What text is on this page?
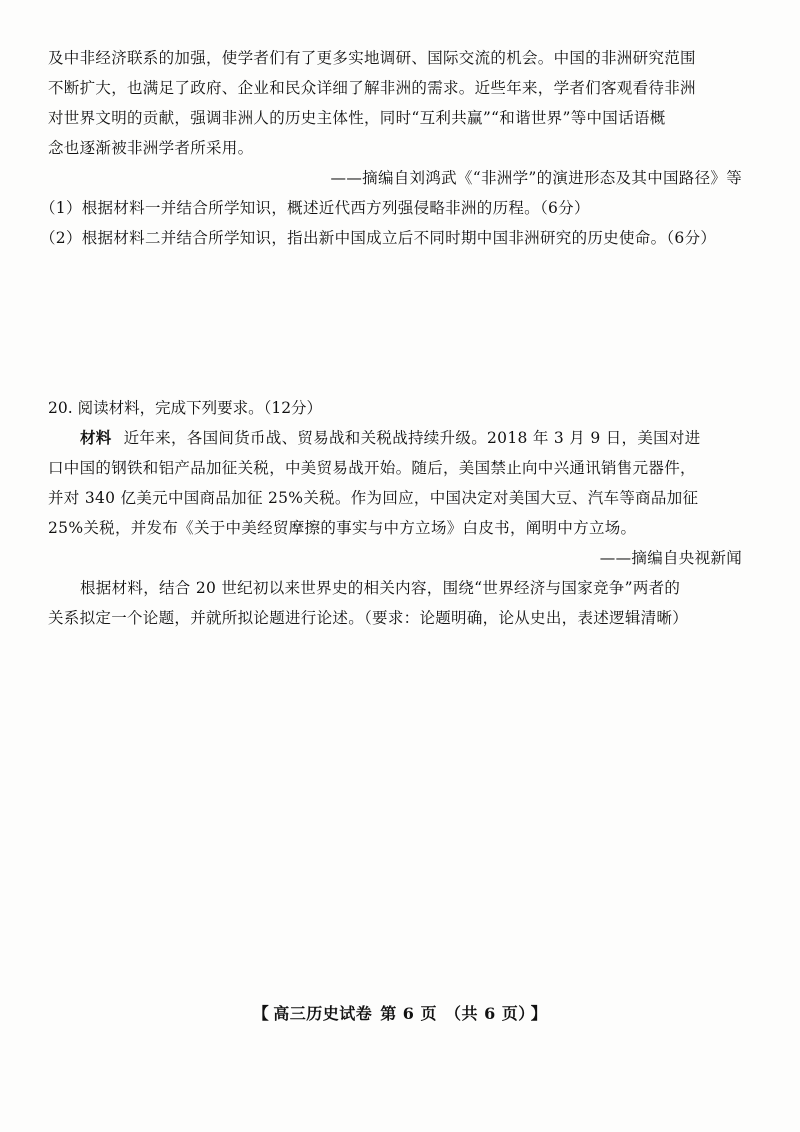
及中非经济联系的加强，使学者们有了更多实地调研、国际交流的机会。中国的非洲研究范围
不断扩大，也满足了政府、企业和民众详细了解非洲的需求。近些年来，学者们客观看待非洲
对世界文明的贡献，强调非洲人的历史主体性，同时“互利共赢”“和谐世界”等中国话语概
念也逐渐被非洲学者所采用。
——摘编自刘鸿武《“非洲学”的演进形态及其中国路径》等
（1）根据材料一并结合所学知识，概述近代西方列强侵略非洲的历程。（6分）
（2）根据材料二并结合所学知识，指出新中国成立后不同时期中国非洲研究的历史使命。（6分）
20. 阅读材料，完成下列要求。（12分）
材料 近年来，各国间货币战、贸易战和关税战持续升级。2018 年 3 月 9 日，美国对进
口中国的钢铁和铝产品加征关税，中美贸易战开始。随后，美国禁止向中兴通讯销售元器件，
并对 340 亿美元中国商品加征 25%关税。作为回应，中国决定对美国大豆、汽车等商品加征
25%关税，并发布《关于中美经贸摩擦的事实与中方立场》白皮书，阐明中方立场。
——摘编自央视新闻
根据材料，结合 20 世纪初以来世界史的相关内容，围绕“世界经济与国家竞争”两者的
关系拟定一个论题，并就所拟论题进行论述。（要求：论题明确，论从史出，表述逻辑清晰）
【 高三历史试卷 第 6 页 （共 6 页） 】
